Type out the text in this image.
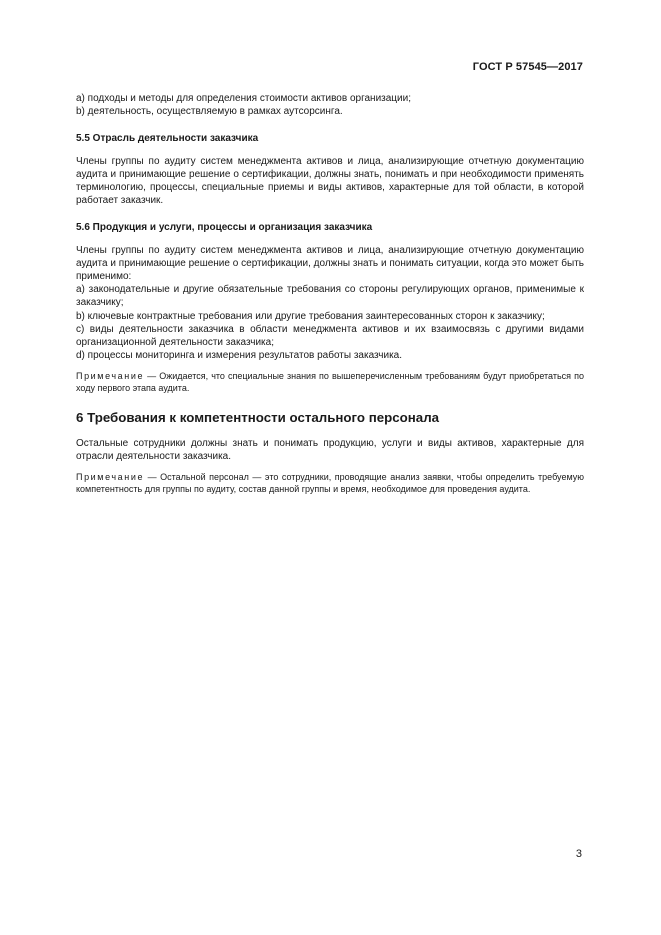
ГОСТ Р 57545—2017

a) подходы и методы для определения стоимости активов организации;

b) деятельность, осуществляемую в рамках аутсорсинга.

5.5 Отрасль деятельности заказчика

Члены группы по аудиту систем менеджмента активов и лица, анализирующие отчетную документацию аудита и принимающие решение о сертификации, должны знать, понимать и при необходимости применять терминологию, процессы, специальные приемы и виды активов, характерные для той области, в которой работает заказчик.

5.6 Продукция и услуги, процессы и организация заказчика

Члены группы по аудиту систем менеджмента активов и лица, анализирующие отчетную документацию аудита и принимающие решение о сертификации, должны знать и понимать ситуации, когда это может быть применимо:

a) законодательные и другие обязательные требования со стороны регулирующих органов, применимые к заказчику;

b) ключевые контрактные требования или другие требования заинтересованных сторон к заказчику;

c) виды деятельности заказчика в области менеджмента активов и их взаимосвязь с другими видами организационной деятельности заказчика;

d) процессы мониторинга и измерения результатов работы заказчика.

Примечание — Ожидается, что специальные знания по вышеперечисленным требованиям будут приобретаться по ходу первого этапа аудита.

6 Требования к компетентности остального персонала

Остальные сотрудники должны знать и понимать продукцию, услуги и виды активов, характерные для отрасли деятельности заказчика.

Примечание — Остальной персонал — это сотрудники, проводящие анализ заявки, чтобы определить требуемую компетентность для группы по аудиту, состав данной группы и время, необходимое для проведения аудита.

3
